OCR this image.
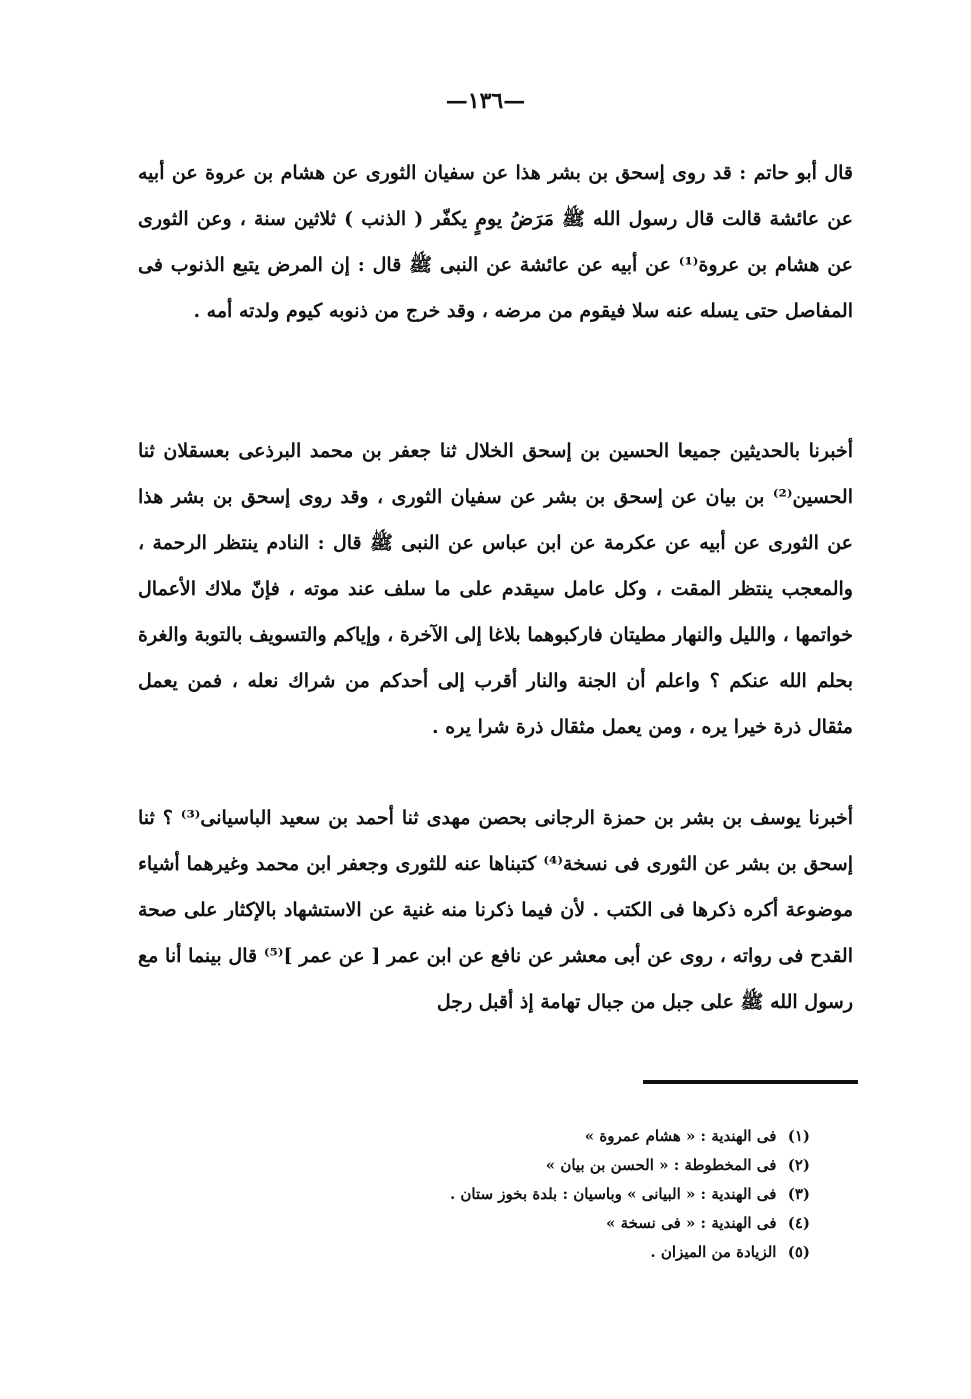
—١٣٦—

قال أبو حاتم : قد روى إسحق بن بشر هذا عن سفيان الثورى عن هشام بن عروة عن أبيه عن عائشة قالت قال رسول الله ﷺ مَرَضُ يومٍ يكفّر ( الذنب ) ثلاثين سنة ، وعن الثورى عن هشام بن عروة⁽¹⁾ عن أبيه عن عائشة عن النبى ﷺ قال : إن المرض يتبع الذنوب فى المفاصل حتى يسله عنه سلا فيقوم من مرضه ، وقد خرج من ذنوبه كيوم ولدته أمه .

أخبرنا بالحديثين جميعا الحسين بن إسحق الخلال ثنا جعفر بن محمد البرذعى بعسقلان ثنا الحسين⁽²⁾ بن بيان عن إسحق بن بشر عن سفيان الثورى ، وقد روى إسحق بن بشر هذا عن الثورى عن أبيه عن عكرمة عن ابن عباس عن النبى ﷺ قال : النادم ينتظر الرحمة ، والمعجب ينتظر المقت ، وكل عامل سيقدم على ما سلف عند موته ، فإنّ ملاك الأعمال خواتمها ، والليل والنهار مطيتان فاركبوهما بلاغا إلى الآخرة ، وإياكم والتسويف بالتوبة والغرة بحلم الله عنكم ؟ واعلم أن الجنة والنار أقرب إلى أحدكم من شراك نعله ، فمن يعمل مثقال ذرة خيرا يره ، ومن يعمل مثقال ذرة شرا يره .

أخبرنا يوسف بن بشر بن حمزة الرجانى بحصن مهدى ثنا أحمد بن سعيد الباسيانى⁽³⁾ ؟ ثنا إسحق بن بشر عن الثورى فى نسخة⁽⁴⁾ كتبناها عنه للثورى وجعفر ابن محمد وغيرهما أشياء موضوعة أكره ذكرها فى الكتب . لأن فيما ذكرنا منه غنية عن الاستشهاد بالإكثار على صحة القدح فى رواته ، روى عن أبى معشر عن نافع عن ابن عمر [ عن عمر ]⁽⁵⁾ قال بينما أنا مع رسول الله ﷺ على جبل من جبال تهامة إذ أقبل رجل

(١) فى الهندية : « هشام عمروة »
(٢) فى المخطوطة : « الحسن بن بيان »
(٣) فى الهندية : « البيانى » وباسيان : بلدة بخوز ستان .
(٤) فى الهندية : « فى نسخة »
(٥) الزيادة من الميزان .
